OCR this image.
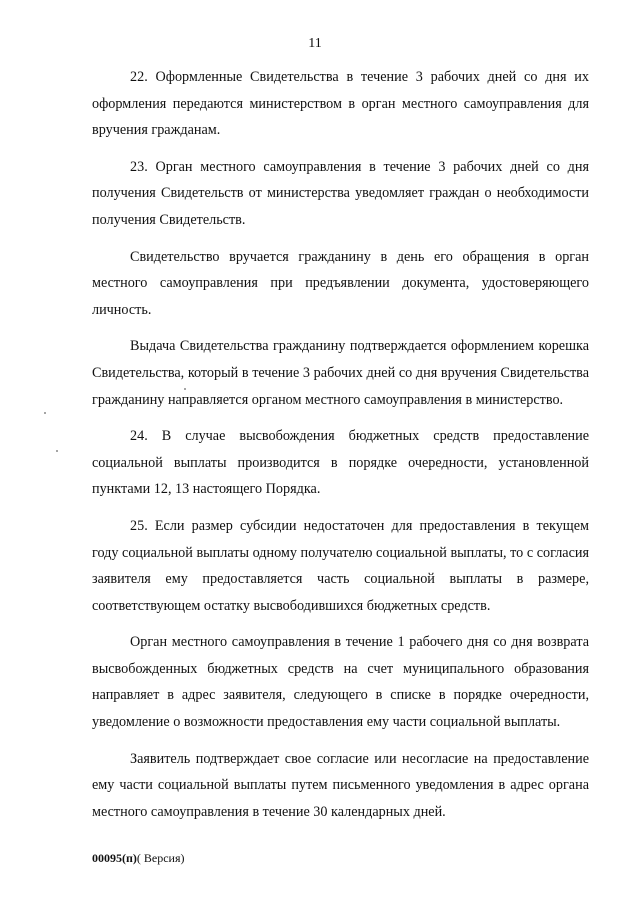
11

22. Оформленные Свидетельства в течение 3 рабочих дней со дня их оформления передаются министерством в орган местного самоуправления для вручения гражданам.

23. Орган местного самоуправления в течение 3 рабочих дней со дня получения Свидетельств от министерства уведомляет граждан о необходимости получения Свидетельств.

Свидетельство вручается гражданину в день его обращения в орган местного самоуправления при предъявлении документа, удостоверяющего личность.

Выдача Свидетельства гражданину подтверждается оформлением корешка Свидетельства, который в течение 3 рабочих дней со дня вручения Свидетельства гражданину направляется органом местного самоуправления в министерство.

24. В случае высвобождения бюджетных средств предоставление социальной выплаты производится в порядке очередности, установленной пунктами 12, 13 настоящего Порядка.

25. Если размер субсидии недостаточен для предоставления в текущем году социальной выплаты одному получателю социальной выплаты, то с согласия заявителя ему предоставляется часть социальной выплаты в размере, соответствующем остатку высвободившихся бюджетных средств.

Орган местного самоуправления в течение 1 рабочего дня со дня возврата высвобожденных бюджетных средств на счет муниципального образования направляет в адрес заявителя, следующего в списке в порядке очередности, уведомление о возможности предоставления ему части социальной выплаты.

Заявитель подтверждает свое согласие или несогласие на предоставление ему части социальной выплаты путем письменного уведомления в адрес органа местного самоуправления в течение 30 календарных дней.

00095(п)( Версия)
